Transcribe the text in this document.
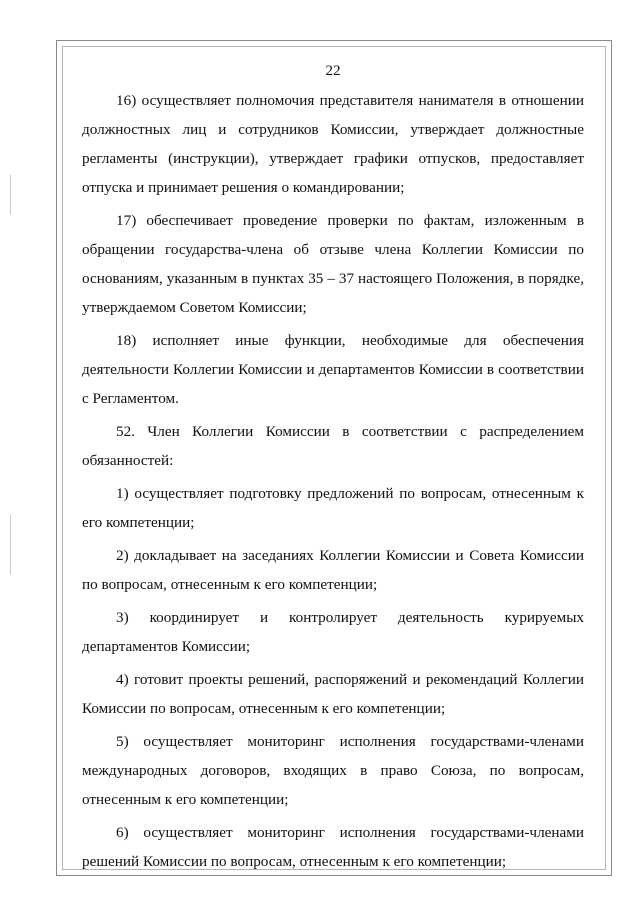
22

16) осуществляет полномочия представителя нанимателя в отношении должностных лиц и сотрудников Комиссии, утверждает должностные регламенты (инструкции), утверждает графики отпусков, предоставляет отпуска и принимает решения о командировании;

17) обеспечивает проведение проверки по фактам, изложенным в обращении государства-члена об отзыве члена Коллегии Комиссии по основаниям, указанным в пунктах 35 – 37 настоящего Положения, в порядке, утверждаемом Советом Комиссии;

18) исполняет иные функции, необходимые для обеспечения деятельности Коллегии Комиссии и департаментов Комиссии в соответствии с Регламентом.

52. Член Коллегии Комиссии в соответствии с распределением обязанностей:

1) осуществляет подготовку предложений по вопросам, отнесенным к его компетенции;

2) докладывает на заседаниях Коллегии Комиссии и Совета Комиссии по вопросам, отнесенным к его компетенции;

3) координирует и контролирует деятельность курируемых департаментов Комиссии;

4) готовит проекты решений, распоряжений и рекомендаций Коллегии Комиссии по вопросам, отнесенным к его компетенции;

5) осуществляет мониторинг исполнения государствами-членами международных договоров, входящих в право Союза, по вопросам, отнесенным к его компетенции;

6) осуществляет мониторинг исполнения государствами-членами решений Комиссии по вопросам, отнесенным к его компетенции;
